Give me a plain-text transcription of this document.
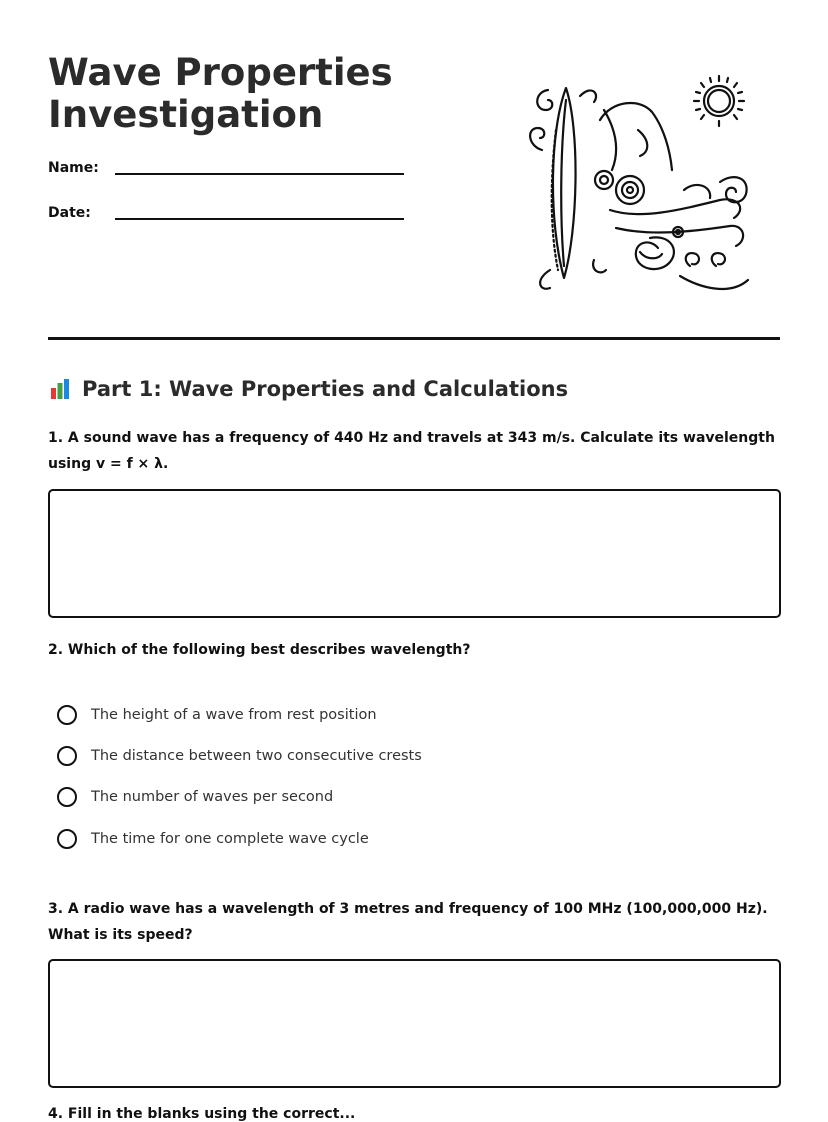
Wave Properties Investigation
Name:
Date:
Part 1: Wave Properties and Calculations

1. A sound wave has a frequency of 440 Hz and travels at 343 m/s. Calculate its wavelength using v = f × λ.

2. Which of the following best describes wavelength?

The height of a wave from rest position
The distance between two consecutive crests
The number of waves per second
The time for one complete wave cycle

3. A radio wave has a wavelength of 3 metres and frequency of 100 MHz (100,000,000 Hz). What is its speed?

4. Fill in the blanks using the correct...
